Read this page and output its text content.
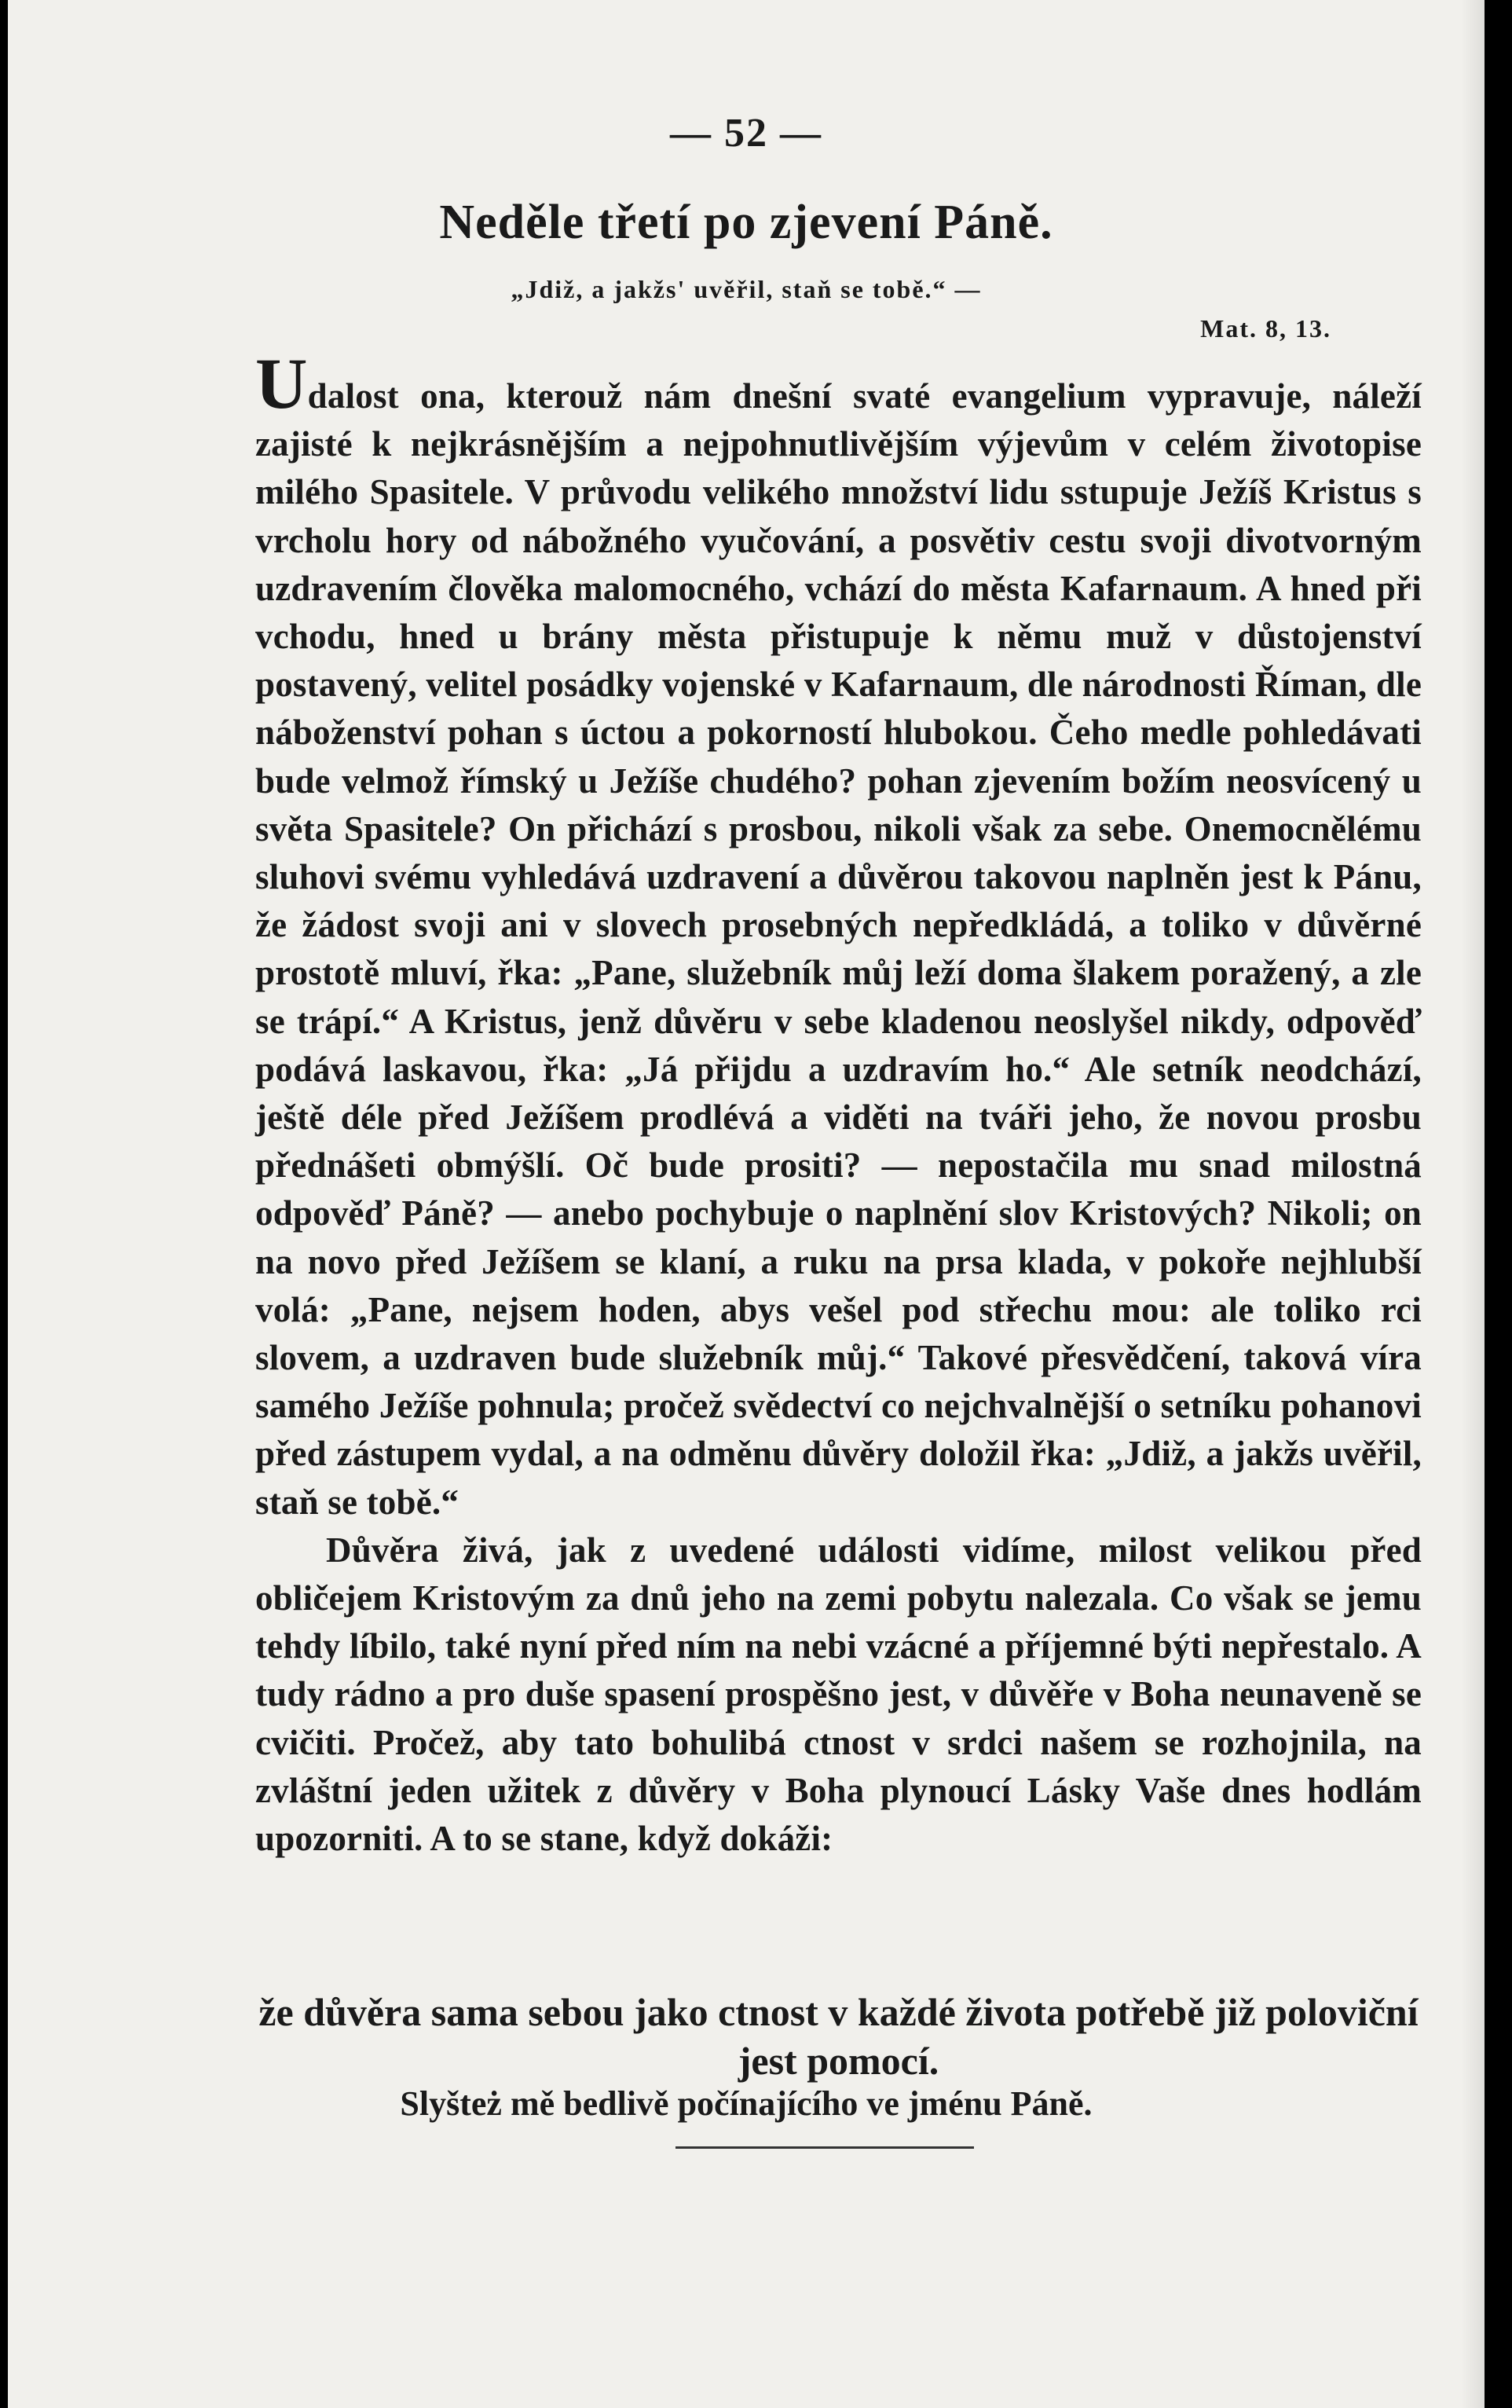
— 52 —
Neděle třetí po zjevení Páně.
„Jdiž, a jakžs' uvěřil, staň se tobě.“ —
Mat. 8, 13.

Udalost ona, kterouž nám dnešní svaté evangelium vypravuje, náleží zajisté k nejkrásnějším a nejpohnutlivějším výjevům v celém životopise milého Spasitele. V průvodu velikého množství lidu sstupuje Ježíš Kristus s vrcholu hory od nábožného vyučování, a posvětiv cestu svoji divotvorným uzdravením člověka malomocného, vchází do města Kafarnaum. A hned při vchodu, hned u brány města přistupuje k němu muž v důstojenství postavený, velitel posádky vojenské v Kafarnaum, dle národnosti Říman, dle náboženství pohan s úctou a pokorností hlubokou. Čeho medle pohledávati bude velmož římský u Ježíše chudého? pohan zjevením božím neosvícený u světa Spasitele? On přichází s prosbou, nikoli však za sebe. Onemocnělému sluhovi svému vyhledává uzdravení a důvěrou takovou naplněn jest k Pánu, že žádost svoji ani v slovech prosebných nepředkládá, a toliko v důvěrné prostotě mluví, řka: „Pane, služebník můj leží doma šlakem poražený, a zle se trápí.“ A Kristus, jenž důvěru v sebe kladenou neoslyšel nikdy, odpověď podává laskavou, řka: „Já přijdu a uzdravím ho.“ Ale setník neodchází, ještě déle před Ježíšem prodlévá a viděti na tváři jeho, že novou prosbu přednášeti obmýšlí. Oč bude prositi? — nepostačila mu snad milostná odpověď Páně? — anebo pochybuje o naplnění slov Kristových? Nikoli; on na novo před Ježíšem se klaní, a ruku na prsa klada, v pokoře nejhlubší volá: „Pane, nejsem hoden, abys vešel pod střechu mou: ale toliko rci slovem, a uzdraven bude služebník můj.“ Takové přesvědčení, taková víra samého Ježíše pohnula; pročež svědectví co nejchvalnější o setníku pohanovi před zástupem vydal, a na odměnu důvěry doložil řka: „Jdiž, a jakžs uvěřil, staň se tobě.“

Důvěra živá, jak z uvedené události vidíme, milost velikou před obličejem Kristovým za dnů jeho na zemi pobytu nalezala. Co však se jemu tehdy líbilo, také nyní před ním na nebi vzácné a příjemné býti nepřestalo. A tudy rádno a pro duše spasení prospěšno jest, v důvěře v Boha neunaveně se cvičiti. Pročež, aby tato bohulibá ctnost v srdci našem se rozhojnila, na zvláštní jeden užitek z důvěry v Boha plynoucí Lásky Vaše dnes hodlám upozorniti. A to se stane, když dokáži:

že důvěra sama sebou jako ctnost v každé života potřebě již poloviční jest pomocí.
Slyšteż mě bedlivě počínajícího ve jménu Páně.
